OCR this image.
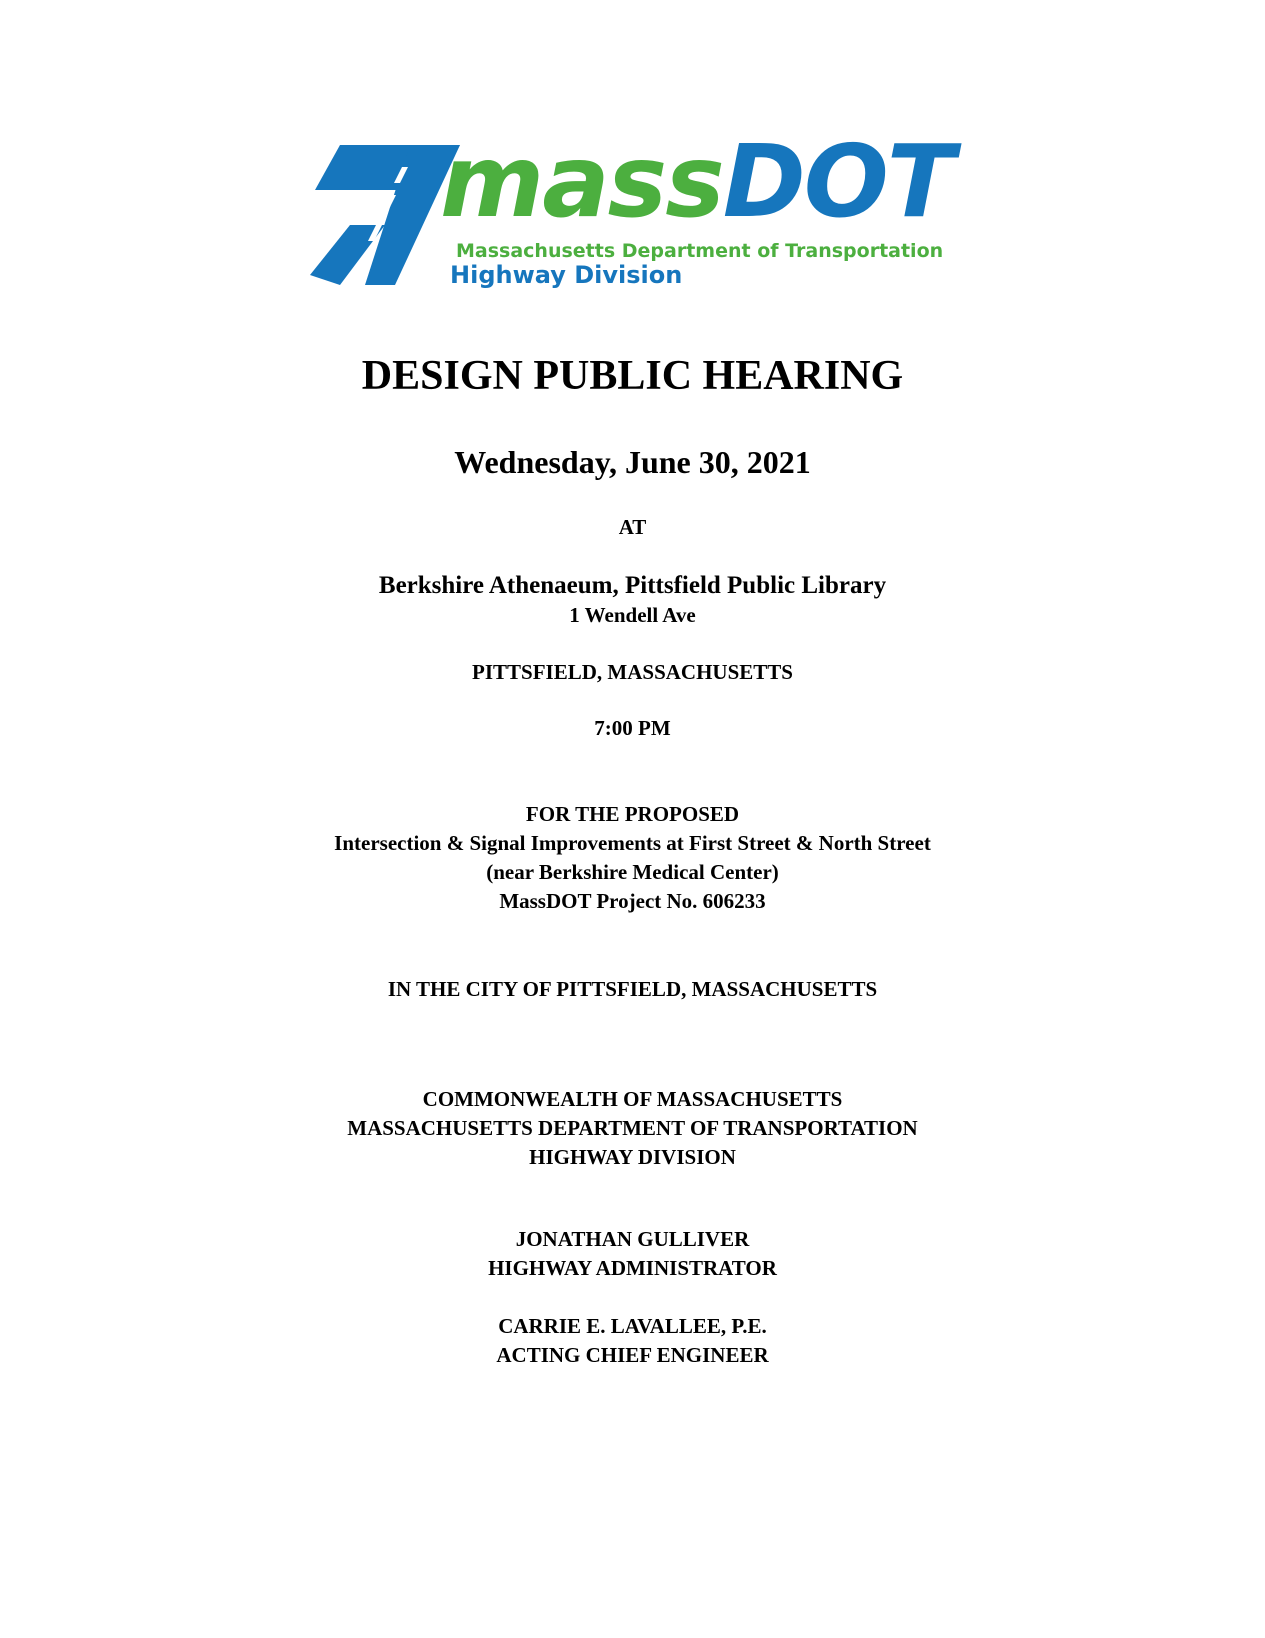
massDOT
Massachusetts Department of Transportation
Highway Division
DESIGN PUBLIC HEARING
Wednesday, June 30, 2021
AT
Berkshire Athenaeum, Pittsfield Public Library
1 Wendell Ave
PITTSFIELD, MASSACHUSETTS
7:00 PM
FOR THE PROPOSED
Intersection & Signal Improvements at First Street & North Street
(near Berkshire Medical Center)
MassDOT Project No. 606233
IN THE CITY OF PITTSFIELD, MASSACHUSETTS
COMMONWEALTH OF MASSACHUSETTS
MASSACHUSETTS DEPARTMENT OF TRANSPORTATION
HIGHWAY DIVISION
JONATHAN GULLIVER
HIGHWAY ADMINISTRATOR
CARRIE E. LAVALLEE, P.E.
ACTING CHIEF ENGINEER
